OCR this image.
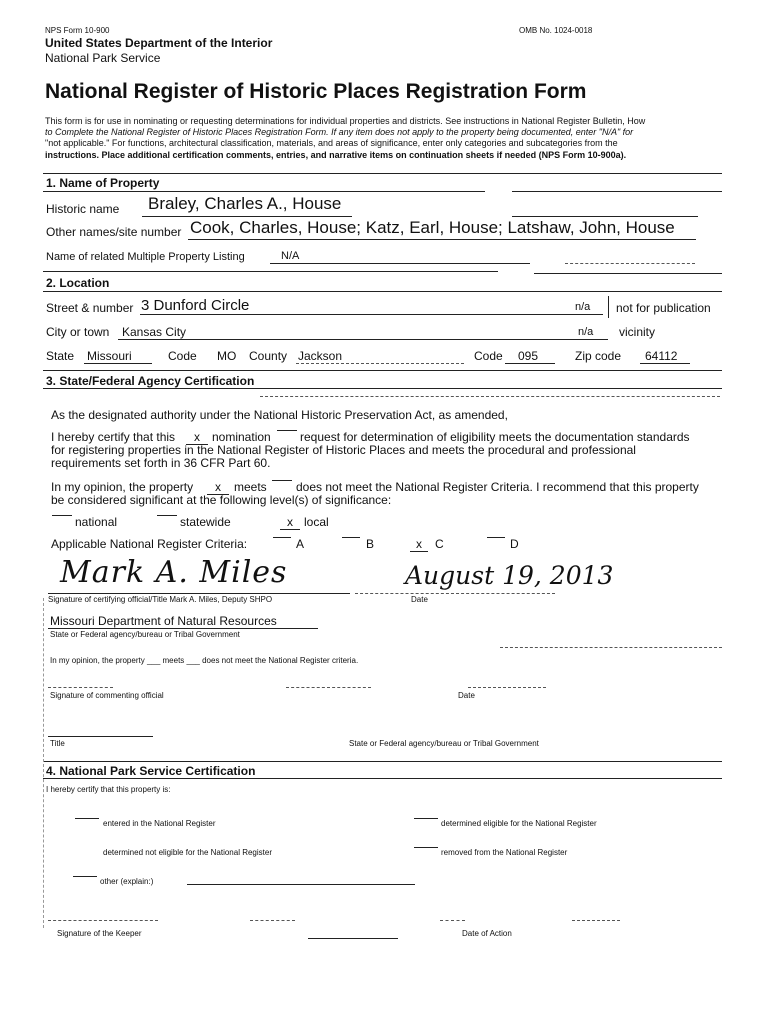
NPS Form 10-900	OMB No. 1024-0018
United States Department of the Interior
National Park Service
National Register of Historic Places Registration Form
This form is for use in nominating or requesting determinations for individual properties and districts. See instructions in National Register Bulletin, How
to Complete the National Register of Historic Places Registration Form. If any item does not apply to the property being documented, enter "N/A" for
"not applicable." For functions, architectural classification, materials, and areas of significance, enter only categories and subcategories from the
instructions. Place additional certification comments, entries, and narrative items on continuation sheets if needed (NPS Form 10-900a).
1. Name of Property
Historic name Braley, Charles A., House
Other names/site number Cook, Charles, House; Katz, Earl, House; Latshaw, John, House
Name of related Multiple Property Listing	N/A
2. Location
Street & number 3 Dunford Circle	n/a not for publication
City or town Kansas City	n/a vicinity
State Missouri	Code MO County Jackson	Code 095	Zip code 64112
3. State/Federal Agency Certification
As the designated authority under the National Historic Preservation Act, as amended,
I hereby certify that this	x	nomination request for determination of eligibility meets the documentation standards
for registering properties in the National Register of Historic Places and meets the procedural and professional
requirements set forth in 36 CFR Part 60.
In my opinion, the property	x	meets does not meet the National Register Criteria. I recommend that this property
be considered significant at the following level(s) of significance:
national	statewide	x local
Applicable National Register Criteria:	A	B	x	C	D
Mark A. Miles	August 19, 2013
Signature of certifying official/Title Mark A. Miles, Deputy SHPO	Date
Missouri Department of Natural Resources
State or Federal agency/bureau or Tribal Government
In my opinion, the property ___ meets ___ does not meet the National Register criteria.
Signature of commenting official	Date
Title	State or Federal agency/bureau or Tribal Government
4. National Park Service Certification
I hereby certify that this property is:
entered in the National Register	determined eligible for the National Register
determined not eligible for the National Register	removed from the National Register
other (explain:)
Signature of the Keeper	Date of Action
